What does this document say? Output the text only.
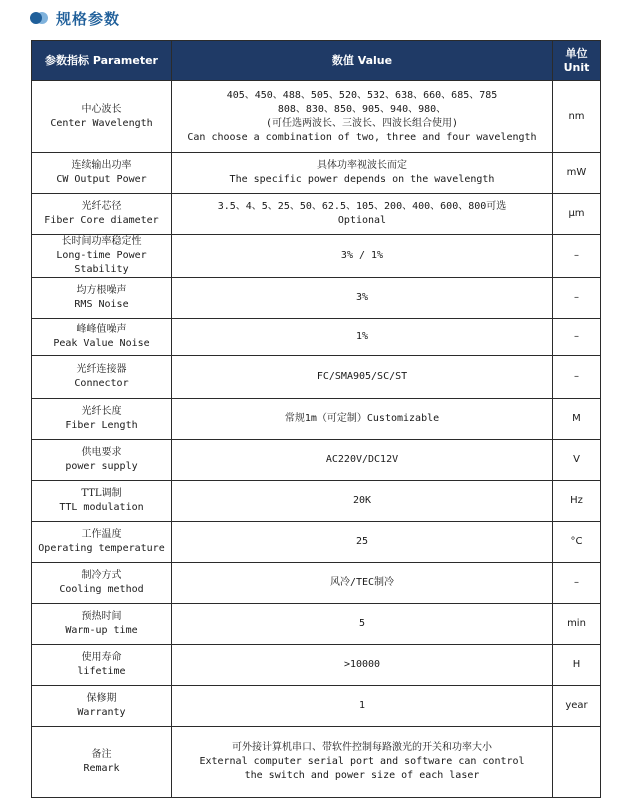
规格参数
参数指标 Parameter	数值 Value	单位
Unit

中心波长
Center Wavelength	405、450、488、505、520、532、638、660、685、785
808、830、850、905、940、980、
(可任选两波长、三波长、四波长组合使用)
Can choose a combination of two, three and four wavelength	nm

连续输出功率
CW Output Power	具体功率视波长而定
The specific power depends on the wavelength	mW

光纤芯径
Fiber Core diameter	3.5、4、5、25、50、62.5、105、200、400、600、800可选
Optional	μm

长时间功率稳定性
Long-time Power Stability	3% / 1%	–

均方根噪声
RMS Noise	3%	–

峰峰值噪声
Peak Value Noise	1%	–

光纤连接器
Connector	FC/SMA905/SC/ST	–

光纤长度
Fiber Length	常规1m（可定制）Customizable	M

供电要求
power supply	AC220V/DC12V	V

TTL调制
TTL modulation	20K	Hz

工作温度
Operating temperature	25	°C

制冷方式
Cooling method	风冷/TEC制冷	–

预热时间
Warm-up time	5	min

使用寿命
lifetime	>10000	H

保修期
Warranty	1	year

备注
Remark	可外接计算机串口、带软件控制每路激光的开关和功率大小
External computer serial port and software can control
the switch and power size of each laser	
